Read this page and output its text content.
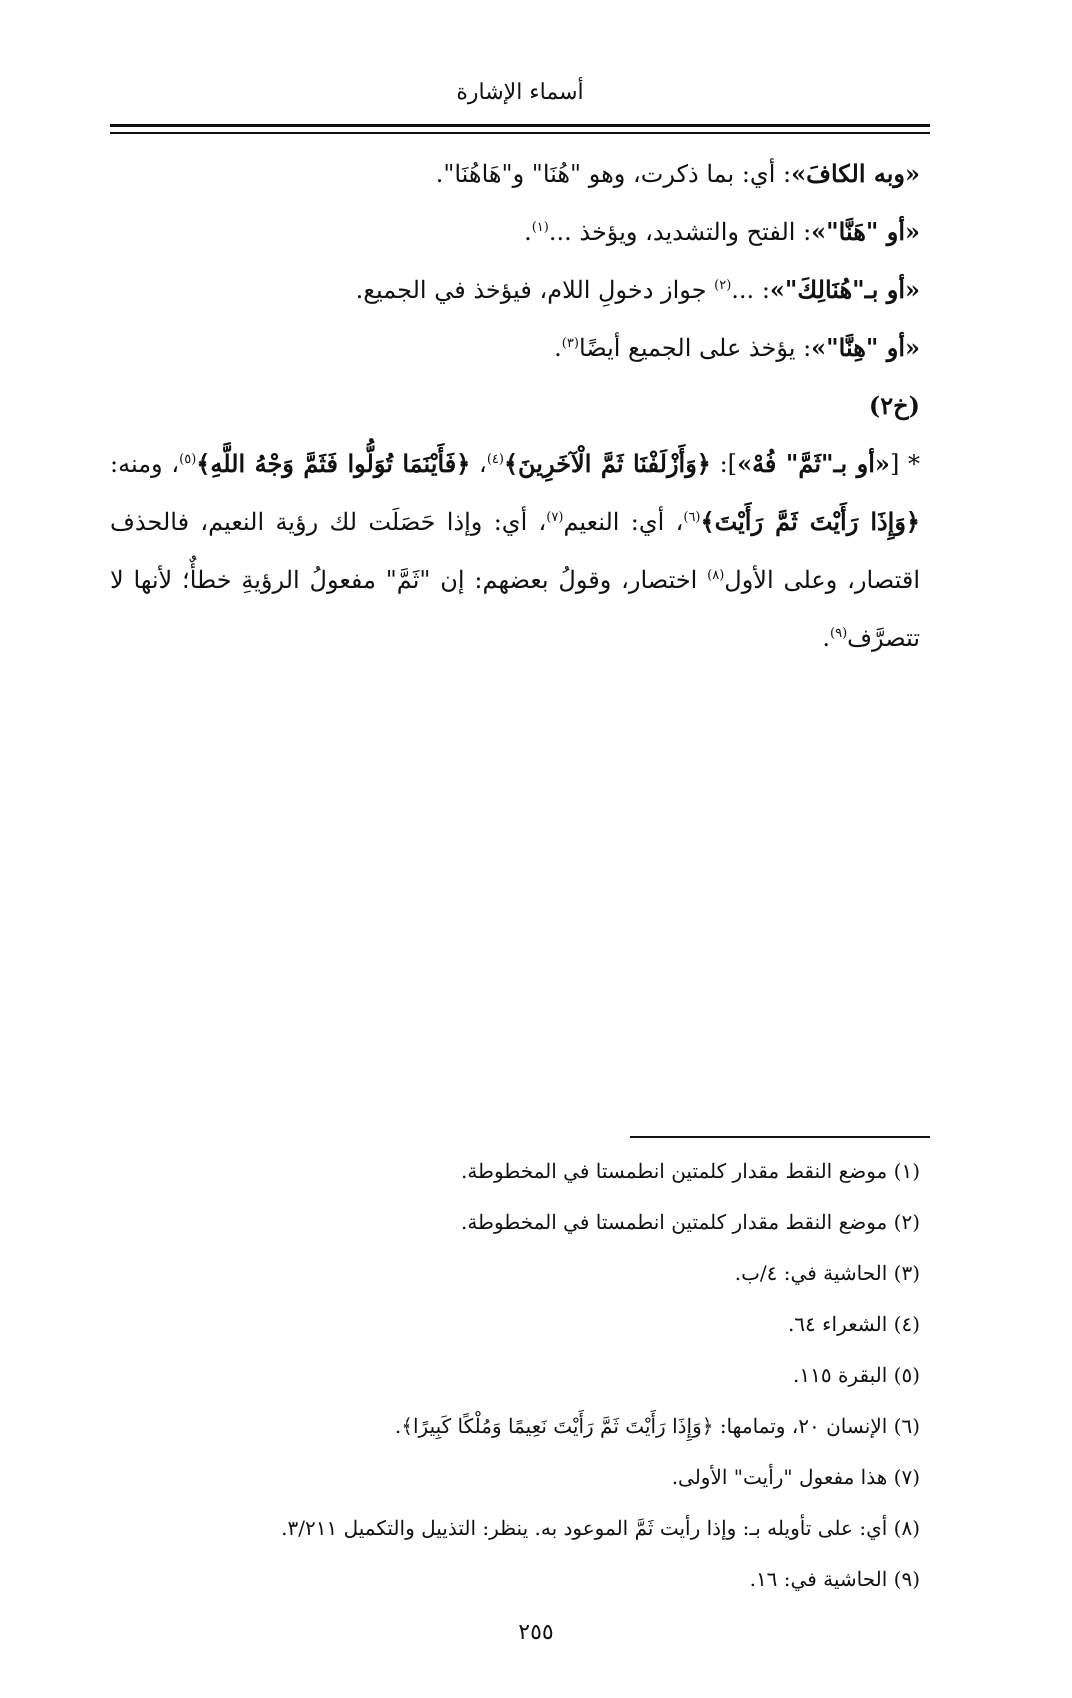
أسماء الإشارة

«وبه الكافَ»: أي: بما ذكرت، وهو "هُنَا" و"هَاهُنَا".

«أو "هَنَّا"»: الفتح والتشديد، ويؤخذ ...$^{(١)}$.

«أو بـ"هُنَالِكَ"»: ...$^{(٢)}$ جواز دخولِ اللام، فيؤخذ في الجميع.

«أو "هِنَّا"»: يؤخذ على الجميع أيضًا$^{(٣)}$.

(خ٢)

* [«أو بـ"ثَمَّ" فُهْ»]: ﴿وَأَزْلَفْنَا ثَمَّ الْآخَرِينَ﴾$^{(٤)}$، ﴿فَأَيْنَمَا تُوَلُّوا فَثَمَّ وَجْهُ اللَّهِ﴾$^{(٥)}$، ومنه: ﴿وَإِذَا رَأَيْتَ ثَمَّ رَأَيْتَ﴾$^{(٦)}$، أي: النعيم$^{(٧)}$، أي: وإذا حَصَلَت لك رؤية النعيم، فالحذف اقتصار، وعلى الأول$^{(٨)}$ اختصار، وقولُ بعضهم: إن "ثَمَّ" مفعولُ الرؤيةِ خطأٌ؛ لأنها لا تتصرَّف$^{(٩)}$.

(١) موضع النقط مقدار كلمتين انطمستا في المخطوطة.
(٢) موضع النقط مقدار كلمتين انطمستا في المخطوطة.
(٣) الحاشية في: ٤/ب.
(٤) الشعراء ٦٤.
(٥) البقرة ١١٥.
(٦) الإنسان ٢٠، وتمامها: ﴿وَإِذَا رَأَيْتَ ثَمَّ رَأَيْتَ نَعِيمًا وَمُلْكًا كَبِيرًا﴾.
(٧) هذا مفعول "رأيت" الأولى.
(٨) أي: على تأويله بـ: وإذا رأيت ثَمَّ الموعود به. ينظر: التذييل والتكميل ٣/٢١١.
(٩) الحاشية في: ١٦.
٢٥٥
